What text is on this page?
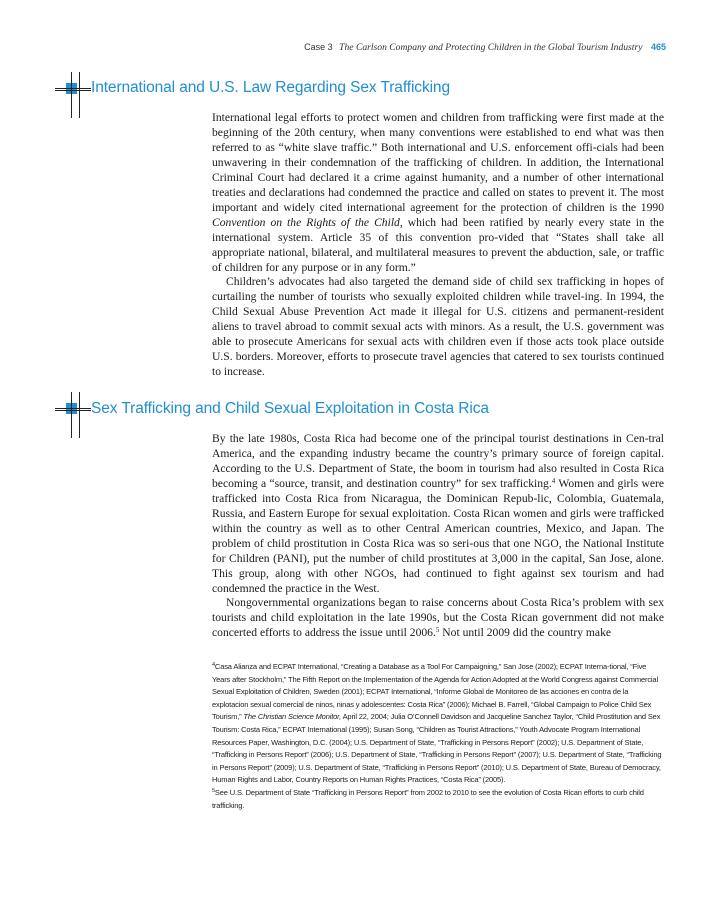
Case 3 The Carlson Company and Protecting Children in the Global Tourism Industry 465
International and U.S. Law Regarding Sex Trafficking

International legal efforts to protect women and children from trafficking were first made at the beginning of the 20th century, when many conventions were established to end what was then referred to as “white slave traffic.” Both international and U.S. enforcement offi-cials had been unwavering in their condemnation of the trafficking of children. In addition, the International Criminal Court had declared it a crime against humanity, and a number of other international treaties and declarations had condemned the practice and called on states to prevent it. The most important and widely cited international agreement for the protection of children is the 1990 Convention on the Rights of the Child, which had been ratified by nearly every state in the international system. Article 35 of this convention pro-vided that “States shall take all appropriate national, bilateral, and multilateral measures to prevent the abduction, sale, or traffic of children for any purpose or in any form.”

Children’s advocates had also targeted the demand side of child sex trafficking in hopes of curtailing the number of tourists who sexually exploited children while travel-ing. In 1994, the Child Sexual Abuse Prevention Act made it illegal for U.S. citizens and permanent-resident aliens to travel abroad to commit sexual acts with minors. As a result, the U.S. government was able to prosecute Americans for sexual acts with children even if those acts took place outside U.S. borders. Moreover, efforts to prosecute travel agencies that catered to sex tourists continued to increase.

Sex Trafficking and Child Sexual Exploitation in Costa Rica

By the late 1980s, Costa Rica had become one of the principal tourist destinations in Cen-tral America, and the expanding industry became the country’s primary source of foreign capital. According to the U.S. Department of State, the boom in tourism had also resulted in Costa Rica becoming a “source, transit, and destination country” for sex trafficking.$^4$ Women and girls were trafficked into Costa Rica from Nicaragua, the Dominican Repub-lic, Colombia, Guatemala, Russia, and Eastern Europe for sexual exploitation. Costa Rican women and girls were trafficked within the country as well as to other Central American countries, Mexico, and Japan. The problem of child prostitution in Costa Rica was so seri-ous that one NGO, the National Institute for Children (PANI), put the number of child prostitutes at 3,000 in the capital, San Jose, alone. This group, along with other NGOs, had continued to fight against sex tourism and had condemned the practice in the West.

Nongovernmental organizations began to raise concerns about Costa Rica’s problem with sex tourists and child exploitation in the late 1990s, but the Costa Rican government did not make concerted efforts to address the issue until 2006.$^5$ Not until 2009 did the country make

$^4$Casa Alianza and ECPAT International, “Creating a Database as a Tool For Campaigning,” San Jose (2002); ECPAT Interna-tional, “Five Years after Stockholm,” The Fifth Report on the Implementation of the Agenda for Action Adopted at the World Congress against Commercial Sexual Exploitation of Children, Sweden (2001); ECPAT International, “Informe Global de Monitoreo de las acciones en contra de la explotacion sexual comercial de ninos, ninas y adolescentes: Costa Rica” (2006); Michael B. Farrell, “Global Campaign to Police Child Sex Tourism,” The Christian Science Monitor, April 22, 2004; Julia O’Connell Davidson and Jacqueline Sanchez Taylor, “Child Prostitution and Sex Tourism: Costa Rica,” ECPAT International (1995); Susan Song, “Children as Tourist Attractions,” Youth Advocate Program International Resources Paper, Washington, D.C. (2004); U.S. Department of State, “Trafficking in Persons Report” (2002); U.S. Department of State, “Trafficking in Persons Report” (2006); U.S. Department of State, “Trafficking in Persons Report” (2007); U.S. Department of State, “Trafficking in Persons Report” (2009); U.S. Department of State, “Trafficking in Persons Report” (2010); U.S. Department of State, Bureau of Democracy, Human Rights and Labor, Country Reports on Human Rights Practices, “Costa Rica” (2005).

$^5$See U.S. Department of State “Trafficking in Persons Report” from 2002 to 2010 to see the evolution of Costa Rican efforts to curb child trafficking.
